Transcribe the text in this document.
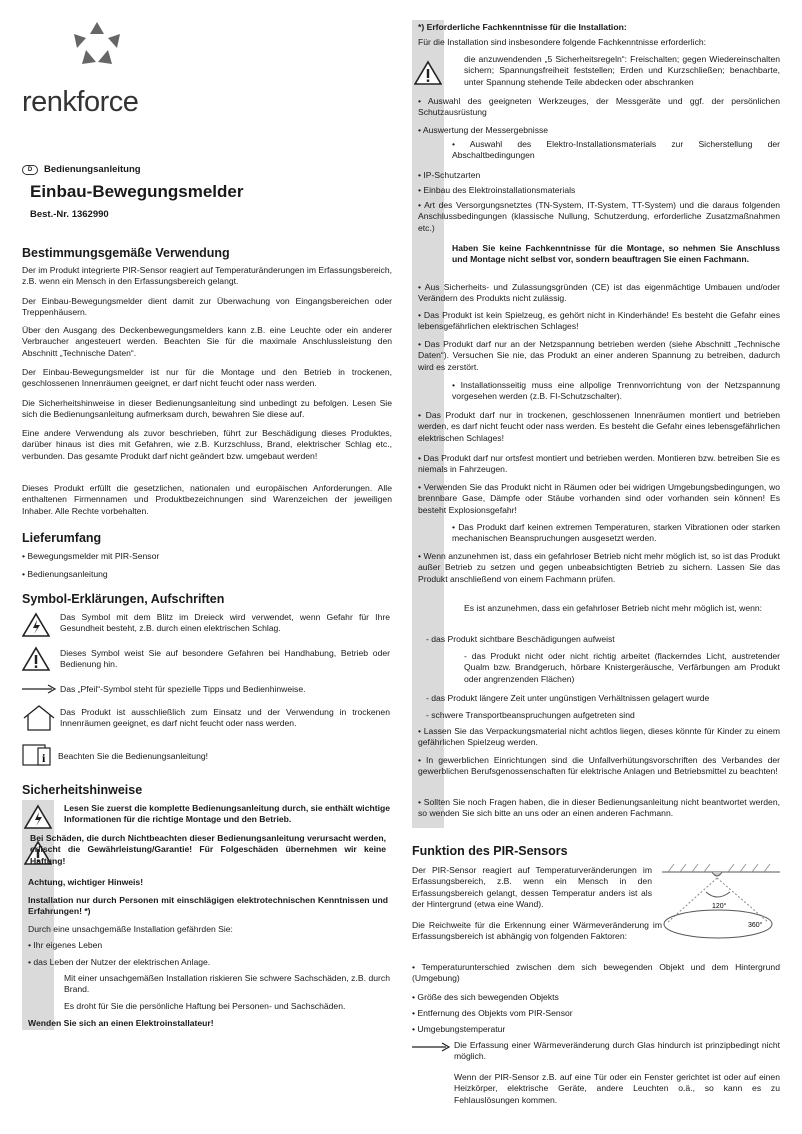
renkforce
D	Bedienungsanleitung
Einbau-Bewegungsmelder
Best.-Nr. 1362990
Bestimmungsgemäße Verwendung
Der im Produkt integrierte PIR-Sensor reagiert auf Temperaturänderungen im Erfassungsbereich, z.B. wenn ein Mensch in den Erfassungsbereich gelangt.
Der Einbau-Bewegungsmelder dient damit zur Überwachung von Eingangsbereichen oder Treppenhäusern.
Über den Ausgang des Deckenbewegungsmelders kann z.B. eine Leuchte oder ein anderer Verbraucher angesteuert werden. Beachten Sie für die maximale Anschlussleistung den Abschnitt „Technische Daten“.
Der Einbau-Bewegungsmelder ist nur für die Montage und den Betrieb in trockenen, geschlossenen Innenräumen geeignet, er darf nicht feucht oder nass werden.
Die Sicherheitshinweise in dieser Bedienungsanleitung sind unbedingt zu befolgen. Lesen Sie sich die Bedienungsanleitung aufmerksam durch, bewahren Sie diese auf.
Eine andere Verwendung als zuvor beschrieben, führt zur Beschädigung dieses Produktes, darüber hinaus ist dies mit Gefahren, wie z.B. Kurzschluss, Brand, elektrischer Schlag etc., verbunden. Das gesamte Produkt darf nicht geändert bzw. umgebaut werden!
Dieses Produkt erfüllt die gesetzlichen, nationalen und europäischen Anforderungen. Alle enthaltenen Firmennamen und Produktbezeichnungen sind Warenzeichen der jeweiligen Inhaber. Alle Rechte vorbehalten.
Lieferumfang
• Bewegungsmelder mit PIR-Sensor
• Bedienungsanleitung
Symbol-Erklärungen, Aufschriften
Das Symbol mit dem Blitz im Dreieck wird verwendet, wenn Gefahr für Ihre Gesundheit besteht, z.B. durch einen elektrischen Schlag.
Dieses Symbol weist Sie auf besondere Gefahren bei Handhabung, Betrieb oder Bedienung hin.
Das „Pfeil“-Symbol steht für spezielle Tipps und Bedienhinweise.
Das Produkt ist ausschließlich zum Einsatz und der Verwendung in trockenen Innenräumen geeignet, es darf nicht feucht oder nass werden.
i Beachten Sie die Bedienungsanleitung!
Sicherheitshinweise
Lesen Sie zuerst die komplette Bedienungsanleitung durch, sie enthält wichtige Informationen für die richtige Montage und den Betrieb.
Bei Schäden, die durch Nichtbeachten dieser Bedienungsanleitung verursacht werden, erlischt die Gewährleistung/Garantie! Für Folgeschäden übernehmen wir keine Haftung!
Achtung, wichtiger Hinweis!
Installation nur durch Personen mit einschlägigen elektrotechnischen Kenntnissen und Erfahrungen! *)
Durch eine unsachgemäße Installation gefährden Sie:
• Ihr eigenes Leben
• das Leben der Nutzer der elektrischen Anlage.
Mit einer unsachgemäßen Installation riskieren Sie schwere Sachschäden, z.B. durch Brand.
Es droht für Sie die persönliche Haftung bei Personen- und Sachschäden.
Wenden Sie sich an einen Elektroinstallateur!
*) Erforderliche Fachkenntnisse für die Installation:
Für die Installation sind insbesondere folgende Fachkenntnisse erforderlich:
die anzuwendenden „5 Sicherheitsregeln“: Freischalten; gegen Wiedereinschalten sichern; Spannungsfreiheit feststellen; Erden und Kurzschließen; benachbarte, unter Spannung stehende Teile abdecken oder abschranken
• Auswahl des geeigneten Werkzeuges, der Messgeräte und ggf. der persönlichen Schutzausrüstung
• Auswertung der Messergebnisse
• Auswahl des Elektro-Installationsmaterials zur Sicherstellung der Abschaltbedingungen
• IP-Schutzarten
• Einbau des Elektroinstallationsmaterials
• Art des Versorgungsnetztes (TN-System, IT-System, TT-System) und die daraus folgenden Anschlussbedingungen (klassische Nullung, Schutzerdung, erforderliche Zusatzmaßnahmen etc.)
Haben Sie keine Fachkenntnisse für die Montage, so nehmen Sie Anschluss und Montage nicht selbst vor, sondern beauftragen Sie einen Fachmann.
• Aus Sicherheits- und Zulassungsgründen (CE) ist das eigenmächtige Umbauen und/oder Verändern des Produkts nicht zulässig.
• Das Produkt ist kein Spielzeug, es gehört nicht in Kinderhände! Es besteht die Gefahr eines lebensgefährlichen elektrischen Schlages!
• Das Produkt darf nur an der Netzspannung betrieben werden (siehe Abschnitt „Technische Daten“). Versuchen Sie nie, das Produkt an einer anderen Spannung zu betreiben, dadurch wird es zerstört.
• Installationsseitig muss eine allpolige Trennvorrichtung von der Netzspannung vorgesehen werden (z.B. FI-Schutzschalter).
• Das Produkt darf nur in trockenen, geschlossenen Innenräumen montiert und betrieben werden, es darf nicht feucht oder nass werden. Es besteht die Gefahr eines lebensgefährlichen elektrischen Schlages!
• Das Produkt darf nur ortsfest montiert und betrieben werden. Montieren bzw. betreiben Sie es niemals in Fahrzeugen.
• Verwenden Sie das Produkt nicht in Räumen oder bei widrigen Umgebungsbedingungen, wo brennbare Gase, Dämpfe oder Stäube vorhanden sind oder vorhanden sein können! Es besteht Explosionsgefahr!
• Das Produkt darf keinen extremen Temperaturen, starken Vibrationen oder starken mechanischen Beanspruchungen ausgesetzt werden.
• Wenn anzunehmen ist, dass ein gefahrloser Betrieb nicht mehr möglich ist, so ist das Produkt außer Betrieb zu setzen und gegen unbeabsichtigten Betrieb zu sichern. Lassen Sie das Produkt anschließend von einem Fachmann prüfen.
Es ist anzunehmen, dass ein gefahrloser Betrieb nicht mehr möglich ist, wenn:
- das Produkt sichtbare Beschädigungen aufweist
- das Produkt nicht oder nicht richtig arbeitet (flackerndes Licht, austretender Qualm bzw. Brandgeruch, hörbare Knistergeräusche, Verfärbungen am Produkt oder angrenzenden Flächen)
- das Produkt längere Zeit unter ungünstigen Verhältnissen gelagert wurde
- schwere Transportbeanspruchungen aufgetreten sind
• Lassen Sie das Verpackungsmaterial nicht achtlos liegen, dieses könnte für Kinder zu einem gefährlichen Spielzeug werden.
• In gewerblichen Einrichtungen sind die Unfallverhütungsvorschriften des Verbandes der gewerblichen Berufsgenossenschaften für elektrische Anlagen und Betriebsmittel zu beachten!
• Sollten Sie noch Fragen haben, die in dieser Bedienungsanleitung nicht beantwortet werden, so wenden Sie sich bitte an uns oder an einen anderen Fachmann.
Funktion des PIR-Sensors
Der PIR-Sensor reagiert auf Temperaturveränderungen im Erfassungsbereich, z.B. wenn ein Mensch in den Erfassungsbereich gelangt, dessen Temperatur anders ist als der Hintergrund (etwa eine Wand).	120°
360°
Die Reichweite für die Erkennung einer Wärmeveränderung im Erfassungsbereich ist abhängig von folgenden Faktoren:
• Temperaturunterschied zwischen dem sich bewegenden Objekt und dem Hintergrund (Umgebung)
• Größe des sich bewegenden Objekts
• Entfernung des Objekts vom PIR-Sensor
• Umgebungstemperatur
Die Erfassung einer Wärmeveränderung durch Glas hindurch ist prinzipbedingt nicht möglich.
Wenn der PIR-Sensor z.B. auf eine Tür oder ein Fenster gerichtet ist oder auf einen Heizkörper, elektrische Geräte, andere Leuchten o.ä., so kann es zu Fehlauslösungen kommen.
